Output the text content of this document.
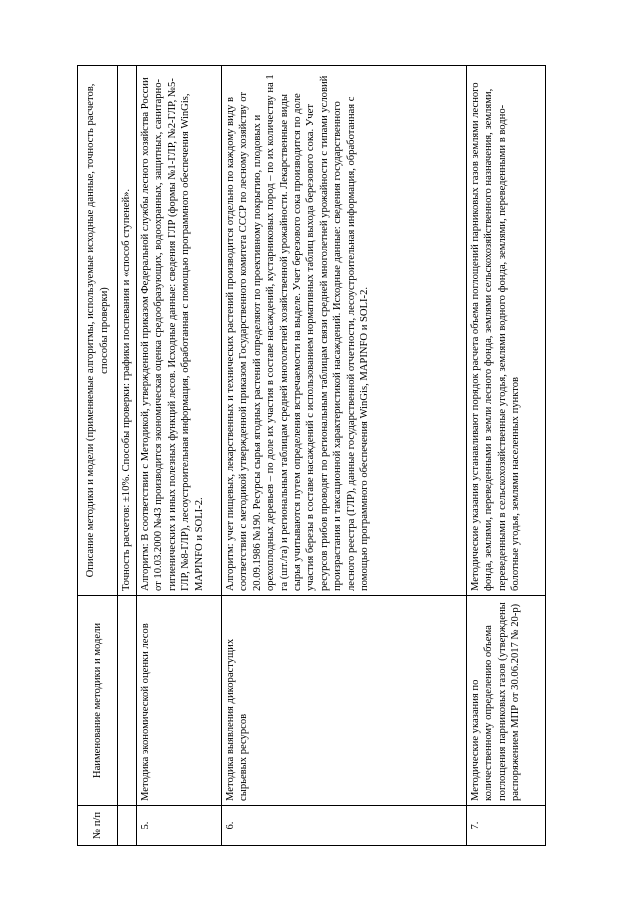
№ п/п	Наименование методики и модели	Описание методики и модели (применяемые алгоритмы, используемые исходные данные, точность расчетов, способы проверки)
		Точность расчетов: ±10%. Способы проверки: графики поспевания и «способ ступеней».
5.	Методика экономической оценки лесов	Алгоритм: В соответствии с Методикой, утвержденной приказом Федеральной службы лесного хозяйства России от 10.03.2000 №43 производится экономическая оценка средообразующих, водоохранных, защитных, санитарно-гигиенических и иных полезных функций лесов. Исходные данные: сведения ГЛР (формы №1-ГЛР, №2-ГЛР, №5-ГЛР, №8-ГЛР), лесоустроительная информация, обработанная с помощью программного обеспечения WinGis, MAPINFO и SOLI-2.
6.	Методика выявления дикорастущих сырьевых ресурсов	Алгоритм: учет пищевых, лекарственных и технических растений производится отдельно по каждому виду в соответствии с методикой утвержденной приказом Государственного комитета СССР по лесному хозяйству от 20.09.1986 №190. Ресурсы сырья ягодных растений определяют по проективному покрытию, плодовых и орехоплодных деревьев – по доле их участия в составе насаждений, кустарниковых пород – по их количеству на 1 га (шт./га) и региональным таблицам средней многолетней хозяйственной урожайности. Лекарственные виды сырья учитываются путем определения встречаемости на выделе. Учет березового сока производится по доле участия березы в составе насаждений с использованием нормативных таблиц выхода березового сока. Учет ресурсов грибов проводят по региональным таблицам связи средней многолетней урожайности с типами условий произрастания и таксационной характеристикой насаждений. Исходные данные: сведения государственного лесного реестра (ГЛР), данные государственной отчетности, лесоустроительная информация, обработанная с помощью программного обеспечения WinGis, MAPINFO и SOLI-2.
7.	Методические указания по количественному определению объема поглощения парниковых газов (утверждены распоряжением МПР от 30.06.2017 № 20-р)	Методические указания устанавливают порядок расчета объема поглощений парниковых газов землями лесного фонда, землями, переведенными в земли лесного фонда, землями сельскохозяйственного назначения, землями, переведенными в сельскохозяйственные угодья, землями водного фонда, землями, переведенными в водно-болотные угодья, землями населенных пунктов
